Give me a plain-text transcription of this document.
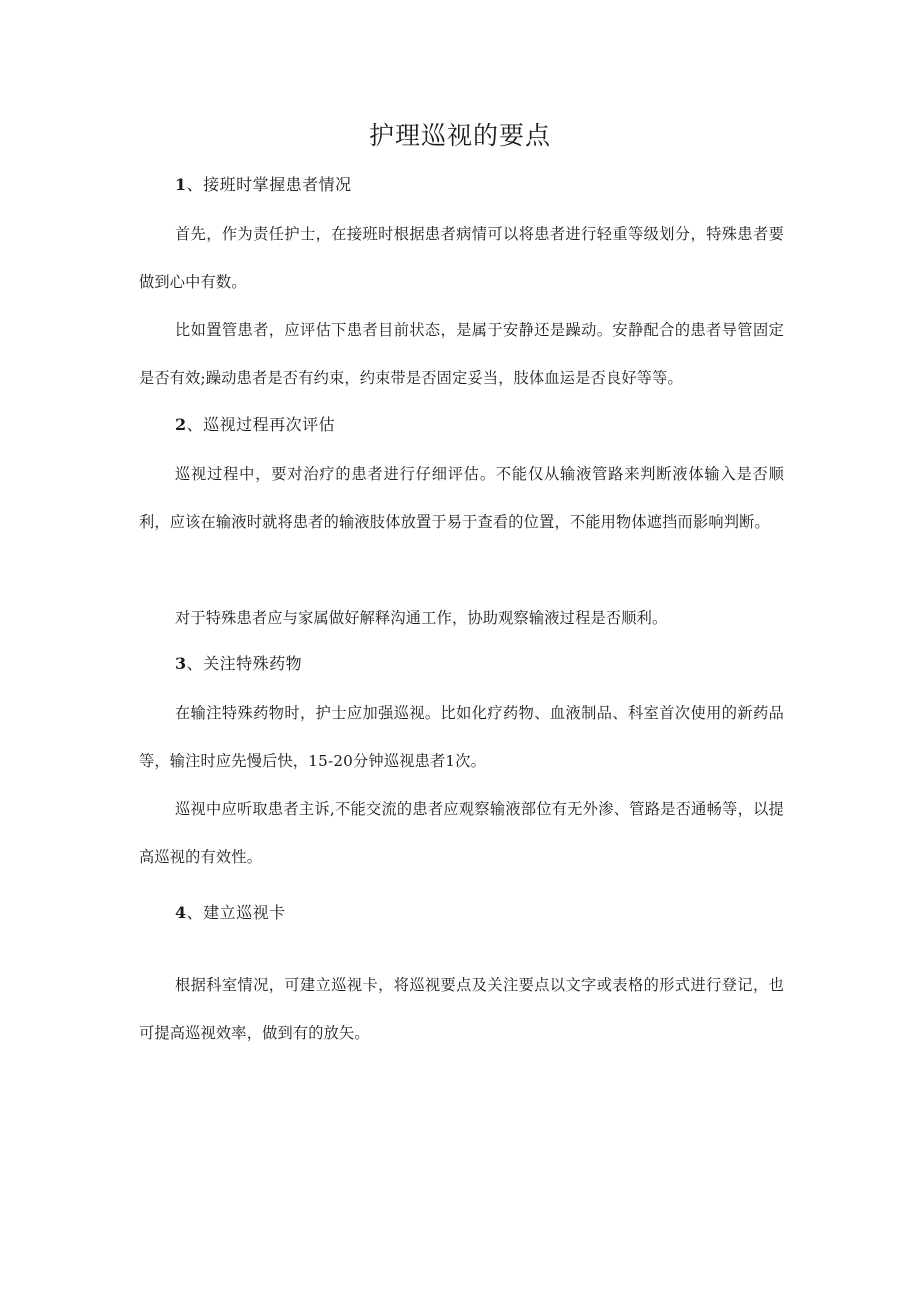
护理巡视的要点
1、接班时掌握患者情况

首先，作为责任护士，在接班时根据患者病情可以将患者进行轻重等级划分，特殊患者要做到心中有数。

比如置管患者，应评估下患者目前状态，是属于安静还是躁动。安静配合的患者导管固定是否有效;躁动患者是否有约束，约束带是否固定妥当，肢体血运是否良好等等。

2、巡视过程再次评估

巡视过程中，要对治疗的患者进行仔细评估。不能仅从输液管路来判断液体输入是否顺利，应该在输液时就将患者的输液肢体放置于易于查看的位置，不能用物体遮挡而影响判断。

对于特殊患者应与家属做好解释沟通工作，协助观察输液过程是否顺利。

3、关注特殊药物

在输注特殊药物时，护士应加强巡视。比如化疗药物、血液制品、科室首次使用的新药品等，输注时应先慢后快，15-20分钟巡视患者1次。

巡视中应听取患者主诉,不能交流的患者应观察输液部位有无外渗、管路是否通畅等，以提高巡视的有效性。

4、建立巡视卡

根据科室情况，可建立巡视卡，将巡视要点及关注要点以文字或表格的形式进行登记，也可提高巡视效率，做到有的放矢。
